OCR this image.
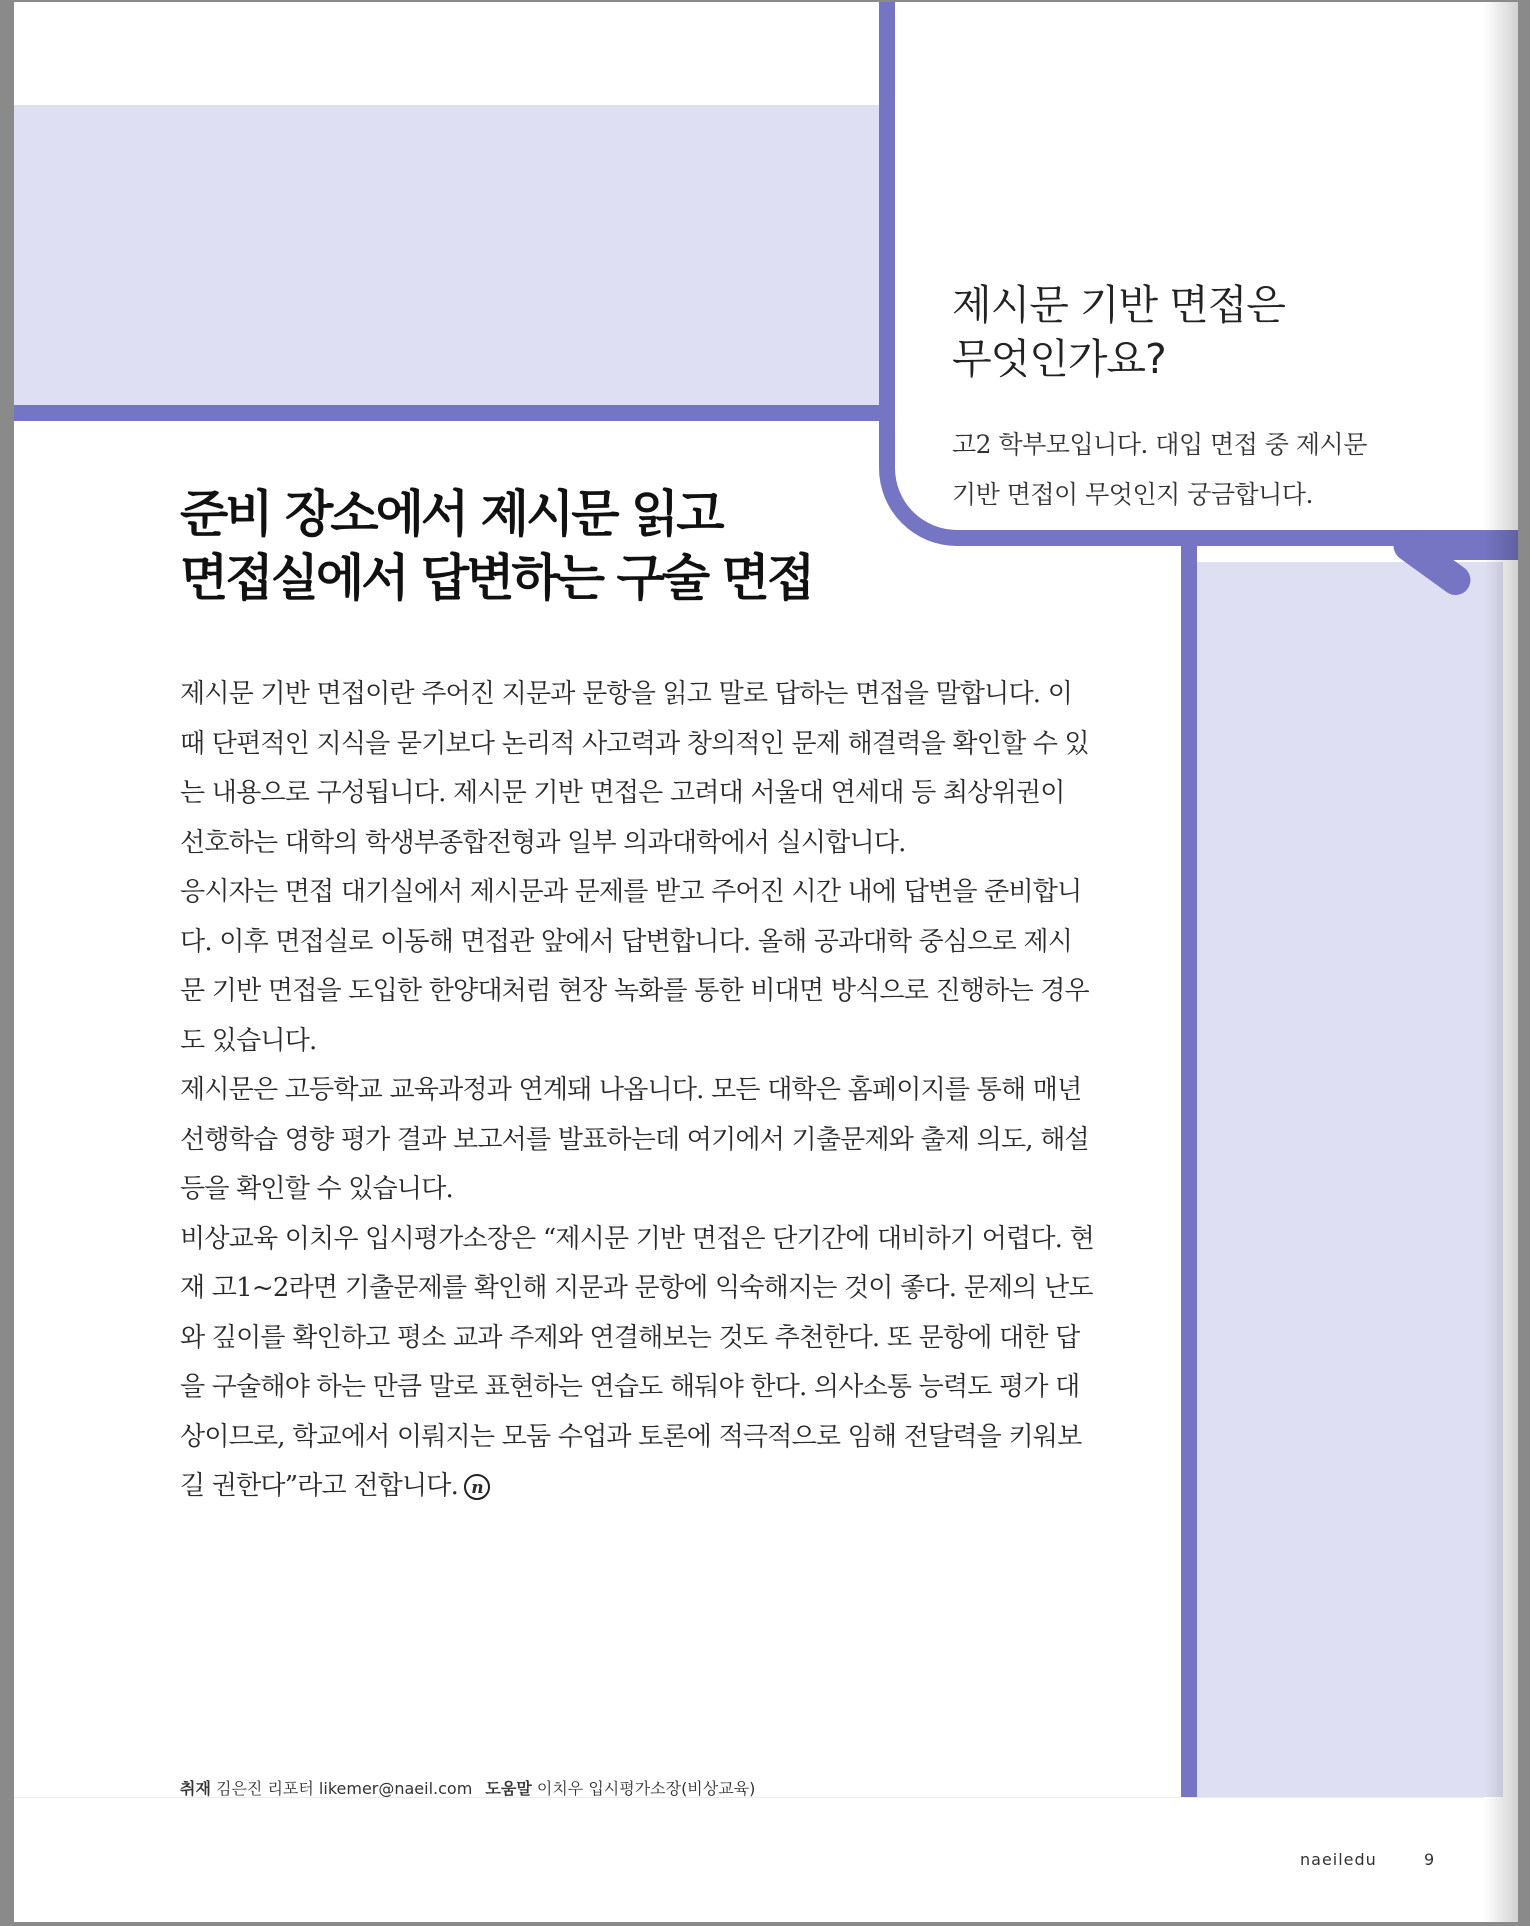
제시문 기반 면접은
무엇인가요?
고2 학부모입니다. 대입 면접 중 제시문
기반 면접이 무엇인지 궁금합니다.
준비 장소에서 제시문 읽고
면접실에서 답변하는 구술 면접
제시문 기반 면접이란 주어진 지문과 문항을 읽고 말로 답하는 면접을 말합니다. 이
때 단편적인 지식을 묻기보다 논리적 사고력과 창의적인 문제 해결력을 확인할 수 있
는 내용으로 구성됩니다. 제시문 기반 면접은 고려대 서울대 연세대 등 최상위권이
선호하는 대학의 학생부종합전형과 일부 의과대학에서 실시합니다.
응시자는 면접 대기실에서 제시문과 문제를 받고 주어진 시간 내에 답변을 준비합니
다. 이후 면접실로 이동해 면접관 앞에서 답변합니다. 올해 공과대학 중심으로 제시
문 기반 면접을 도입한 한양대처럼 현장 녹화를 통한 비대면 방식으로 진행하는 경우
도 있습니다.
제시문은 고등학교 교육과정과 연계돼 나옵니다. 모든 대학은 홈페이지를 통해 매년
선행학습 영향 평가 결과 보고서를 발표하는데 여기에서 기출문제와 출제 의도, 해설
등을 확인할 수 있습니다.
비상교육 이치우 입시평가소장은 “제시문 기반 면접은 단기간에 대비하기 어렵다. 현
재 고1~2라면 기출문제를 확인해 지문과 문항에 익숙해지는 것이 좋다. 문제의 난도
와 깊이를 확인하고 평소 교과 주제와 연결해보는 것도 추천한다. 또 문항에 대한 답
을 구술해야 하는 만큼 말로 표현하는 연습도 해둬야 한다. 의사소통 능력도 평가 대
상이므로, 학교에서 이뤄지는 모둠 수업과 토론에 적극적으로 임해 전달력을 키워보
길 권한다”라고 전합니다. n
취재 김은진 리포터 likemer@naeil.com 도움말 이치우 입시평가소장(비상교육)
naeiledu	9
